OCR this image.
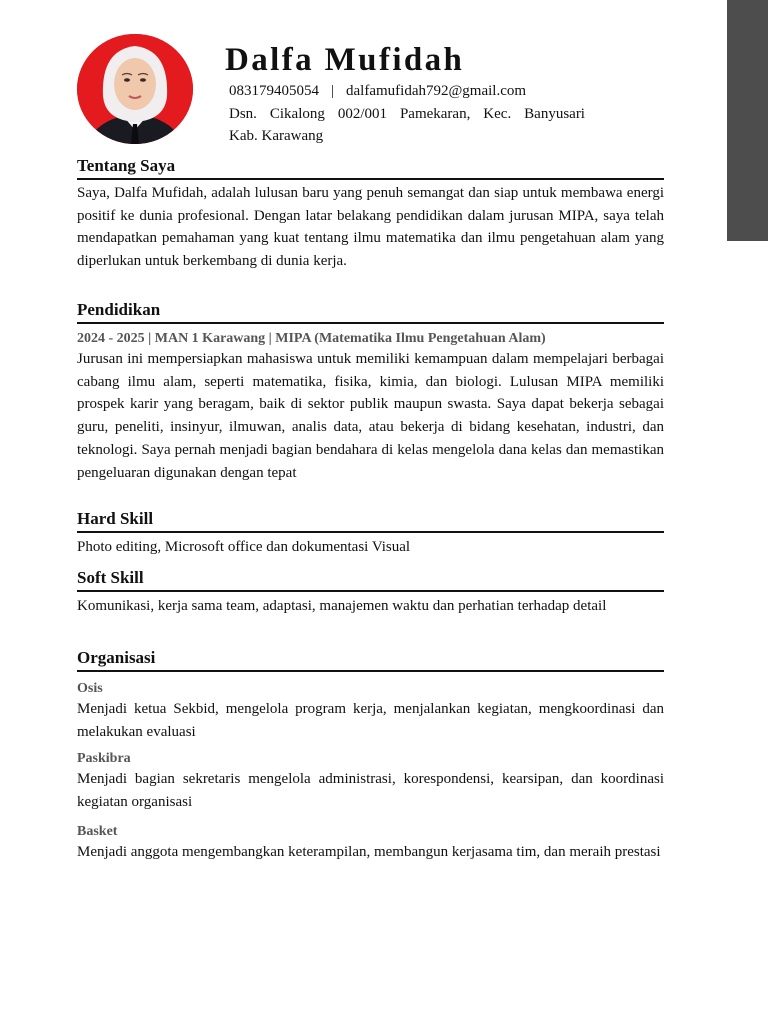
Dalfa Mufidah
083179405054 | dalfamufidah792@gmail.com
Dsn. Cikalong 002/001 Pamekaran, Kec. Banyusari
Kab. Karawang
Tentang Saya
Saya, Dalfa Mufidah, adalah lulusan baru yang penuh semangat dan siap untuk membawa energi positif ke dunia profesional. Dengan latar belakang pendidikan dalam jurusan MIPA, saya telah mendapatkan pemahaman yang kuat tentang ilmu matematika dan ilmu pengetahuan alam yang diperlukan untuk berkembang di dunia kerja.
Pendidikan
2024 - 2025 | MAN 1 Karawang | MIPA (Matematika Ilmu Pengetahuan Alam)
Jurusan ini mempersiapkan mahasiswa untuk memiliki kemampuan dalam mempelajari berbagai cabang ilmu alam, seperti matematika, fisika, kimia, dan biologi. Lulusan MIPA memiliki prospek karir yang beragam, baik di sektor publik maupun swasta. Saya dapat bekerja sebagai guru, peneliti, insinyur, ilmuwan, analis data, atau bekerja di bidang kesehatan, industri, dan teknologi. Saya pernah menjadi bagian bendahara di kelas mengelola dana kelas dan memastikan pengeluaran digunakan dengan tepat
Hard Skill
Photo editing, Microsoft office dan dokumentasi Visual
Soft Skill
Komunikasi, kerja sama team, adaptasi, manajemen waktu dan perhatian terhadap detail
Organisasi
Osis
Menjadi ketua Sekbid, mengelola program kerja, menjalankan kegiatan, mengkoordinasi dan melakukan evaluasi
Paskibra
Menjadi bagian sekretaris mengelola administrasi, korespondensi, kearsipan, dan koordinasi kegiatan organisasi
Basket
Menjadi anggota mengembangkan keterampilan, membangun kerjasama tim, dan meraih prestasi
